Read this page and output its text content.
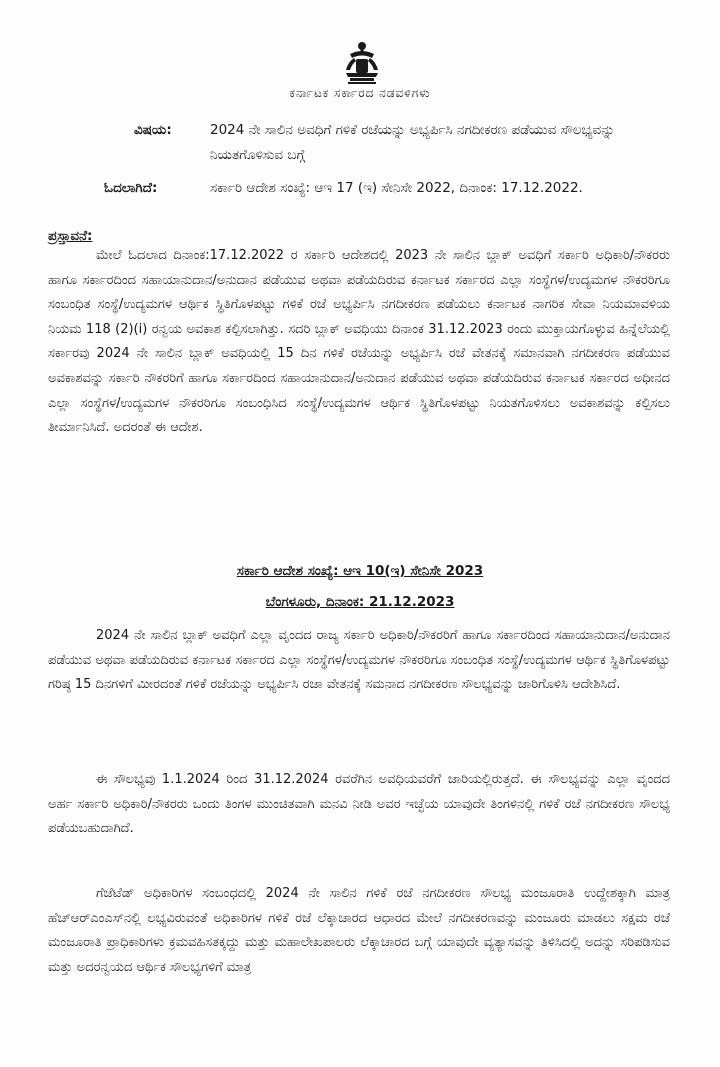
ಕರ್ನಾಟಕ ಸರ್ಕಾರದ ನಡವಳಿಗಳು
ವಿಷಯ:	2024 ನೇ ಸಾಲಿನ ಅವಧಿಗೆ ಗಳಿಕೆ ರಜೆಯನ್ನು ಅಭ್ಯರ್ಪಿಸಿ ನಗದೀಕರಣ ಪಡೆಯುವ ಸೌಲಭ್ಯವನ್ನು ನಿಯತಗೊಳಿಸುವ ಬಗ್ಗೆ
ಓದಲಾಗಿದೆ:	ಸರ್ಕಾರಿ ಆದೇಶ ಸಂಖ್ಯೆ: ಆಇ 17 (ಇ) ಸೇನಿಸೇ 2022, ದಿನಾಂಕ: 17.12.2022.
ಪ್ರಸ್ತಾವನೆ:
ಮೇಲೆ ಓದಲಾದ ದಿನಾಂಕ:17.12.2022 ರ ಸರ್ಕಾರಿ ಆದೇಶದಲ್ಲಿ 2023 ನೇ ಸಾಲಿನ ಬ್ಲಾಕ್ ಅವಧಿಗೆ ಸರ್ಕಾರಿ ಅಧಿಕಾರಿ/ನೌಕರರು ಹಾಗೂ ಸರ್ಕಾರದಿಂದ ಸಹಾಯಾನುದಾನ/ಅನುದಾನ ಪಡೆಯುವ ಅಥವಾ ಪಡೆಯದಿರುವ ಕರ್ನಾಟಕ ಸರ್ಕಾರದ ಎಲ್ಲಾ ಸಂಸ್ಥೆಗಳ/ಉದ್ಯಮಗಳ ನೌಕರರಿಗೂ ಸಂಬಂಧಿತ ಸಂಸ್ಥೆ/ಉದ್ಯಮಗಳ ಆರ್ಥಿಕ ಸ್ಥಿತಿಗೊಳಪಟ್ಟು ಗಳಿಕೆ ರಜೆ ಅಭ್ಯರ್ಪಿಸಿ ನಗದೀಕರಣ ಪಡೆಯಲು ಕರ್ನಾಟಕ ನಾಗರಿಕ ಸೇವಾ ನಿಯಮಾವಳಿಯ ನಿಯಮ 118 (2)(i) ರನ್ವಯ ಅವಕಾಶ ಕಲ್ಪಿಸಲಾಗಿತ್ತು. ಸದರಿ ಬ್ಲಾಕ್ ಅವಧಿಯು ದಿನಾಂಕ 31.12.2023 ರಂದು ಮುಕ್ತಾಯಗೊಳ್ಳುವ ಹಿನ್ನೆಲೆಯಲ್ಲಿ ಸರ್ಕಾರವು 2024 ನೇ ಸಾಲಿನ ಬ್ಲಾಕ್ ಅವಧಿಯಲ್ಲಿ 15 ದಿನ ಗಳಿಕೆ ರಜೆಯನ್ನು ಅಭ್ಯರ್ಪಿಸಿ ರಜೆ ವೇತನಕ್ಕೆ ಸಮಾನವಾಗಿ ನಗದೀಕರಣ ಪಡೆಯುವ ಅವಕಾಶವನ್ನು ಸರ್ಕಾರಿ ನೌಕರರಿಗೆ ಹಾಗೂ ಸರ್ಕಾರದಿಂದ ಸಹಾಯಾನುದಾನ/ಅನುದಾನ ಪಡೆಯುವ ಅಥವಾ ಪಡೆಯದಿರುವ ಕರ್ನಾಟಕ ಸರ್ಕಾರದ ಅಧೀನದ ಎಲ್ಲಾ ಸಂಸ್ಥೆಗಳ/ಉದ್ಯಮಗಳ ನೌಕರರಿಗೂ ಸಂಬಂಧಿಸಿದ ಸಂಸ್ಥೆ/ಉದ್ಯಮಗಳ ಆರ್ಥಿಕ ಸ್ಥಿತಿಗೊಳಪಟ್ಟು ನಿಯತಗೊಳಿಸಲು ಅವಕಾಶವನ್ನು ಕಲ್ಪಿಸಲು ತೀರ್ಮಾನಿಸಿದೆ. ಅದರಂತೆ ಈ ಆದೇಶ.
ಸರ್ಕಾರಿ ಆದೇಶ ಸಂಖ್ಯೆ: ಆಇ 10(ಇ) ಸೇನಿಸೇ 2023
ಬೆಂಗಳೂರು, ದಿನಾಂಕ: 21.12.2023
2024 ನೇ ಸಾಲಿನ ಬ್ಲಾಕ್ ಅವಧಿಗೆ ಎಲ್ಲಾ ವೃಂದದ ರಾಜ್ಯ ಸರ್ಕಾರಿ ಅಧಿಕಾರಿ/ನೌಕರರಿಗೆ ಹಾಗೂ ಸರ್ಕಾರದಿಂದ ಸಹಾಯಾನುದಾನ/ಅನುದಾನ ಪಡೆಯುವ ಅಥವಾ ಪಡೆಯದಿರುವ ಕರ್ನಾಟಕ ಸರ್ಕಾರದ ಎಲ್ಲಾ ಸಂಸ್ಥೆಗಳ/ಉದ್ಯಮಗಳ ನೌಕರರಿಗೂ ಸಂಬಂಧಿತ ಸಂಸ್ಥೆ/ಉದ್ಯಮಗಳ ಆರ್ಥಿಕ ಸ್ಥಿತಿಗೊಳಪಟ್ಟು ಗರಿಷ್ಠ 15 ದಿನಗಳಿಗೆ ಮೀರದಂತೆ ಗಳಿಕೆ ರಜೆಯನ್ನು ಅಭ್ಯರ್ಪಿಸಿ ರಜಾ ವೇತನಕ್ಕೆ ಸಮನಾದ ನಗದೀಕರಣ ಸೌಲಭ್ಯವನ್ನು ಜಾರಿಗೊಳಿಸಿ ಆದೇಶಿಸಿದೆ.
ಈ ಸೌಲಭ್ಯವು 1.1.2024 ರಿಂದ 31.12.2024 ರವರೆಗಿನ ಅವಧಿಯವರೆಗೆ ಜಾರಿಯಲ್ಲಿರುತ್ತದೆ. ಈ ಸೌಲಭ್ಯವನ್ನು ಎಲ್ಲಾ ವೃಂದದ ಅರ್ಹ ಸರ್ಕಾರಿ ಅಧಿಕಾರಿ/ನೌಕರರು ಒಂದು ತಿಂಗಳ ಮುಂಚಿತವಾಗಿ ಮನವಿ ನೀಡಿ ಅವರ ಇಚ್ಛೆಯ ಯಾವುದೇ ತಿಂಗಳಿನಲ್ಲಿ ಗಳಿಕೆ ರಜೆ ನಗದೀಕರಣ ಸೌಲಭ್ಯ ಪಡೆಯಬಹುದಾಗಿದೆ.
ಗೆಜೆಟೆಡ್ ಅಧಿಕಾರಿಗಳ ಸಂಬಂಧದಲ್ಲಿ 2024 ನೇ ಸಾಲಿನ ಗಳಿಕೆ ರಜೆ ನಗದೀಕರಣ ಸೌಲಭ್ಯ ಮಂಜೂರಾತಿ ಉದ್ದೇಶಕ್ಕಾಗಿ ಮಾತ್ರ ಹೆಚ್‌ಆರ್‌ಎಂಎಸ್‌ನಲ್ಲಿ ಲಭ್ಯವಿರುವಂತೆ ಅಧಿಕಾರಿಗಳ ಗಳಿಕೆ ರಜೆ ಲೆಕ್ಕಾಚಾರದ ಆಧಾರದ ಮೇಲೆ ನಗದೀಕರಣವನ್ನು ಮಂಜೂರು ಮಾಡಲು ಸಕ್ಷಮ ರಜೆ ಮಂಜೂರಾತಿ ಪ್ರಾಧಿಕಾರಿಗಳು ಕ್ರಮವಹಿಸತಕ್ಕದ್ದು ಮತ್ತು ಮಹಾಲೇಖಪಾಲರು ಲೆಕ್ಕಾಚಾರದ ಬಗ್ಗೆ ಯಾವುದೇ ವ್ಯತ್ಯಾಸವನ್ನು ತಿಳಿಸಿದಲ್ಲಿ ಅದನ್ನು ಸರಿಪಡಿಸುವ ಮತ್ತು ಅದರನ್ವಯದ ಆರ್ಥಿಕ ಸೌಲಭ್ಯಗಳಿಗೆ ಮಾತ್ರ
